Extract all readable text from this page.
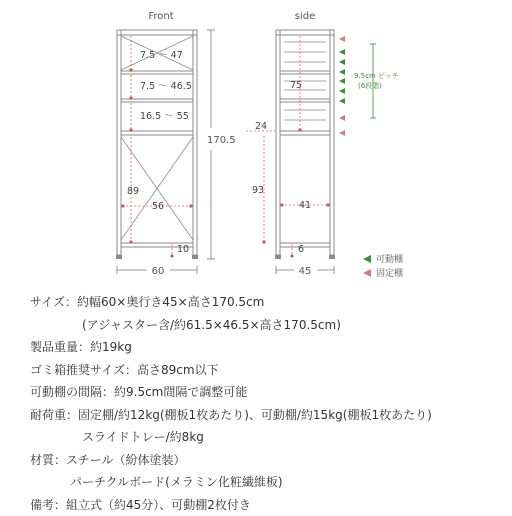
Front	side
7.5 ～ 47
7.5 ～ 46.5
16.5 ～ 55
89
56
10
170.5
60
75
24
93
41
6
45
9.5cm ピッチ
(6段階)
可動棚
固定棚
サイズ：約幅60×奥行き45×高さ170.5cm
(アジャスター含/約61.5×46.5×高さ170.5cm)
製品重量：約19kg
ゴミ箱推奨サイズ：高さ89cm以下
可動棚の間隔：約9.5cm間隔で調整可能
耐荷重：固定棚/約12kg(棚板1枚あたり)、可動棚/約15kg(棚板1枚あたり)
スライドトレー/約8kg
材質：スチール（紛体塗装）
パーチクルボード(メラミン化粧繊維板)
備考：組立式（約45分）、可動棚2枚付き
